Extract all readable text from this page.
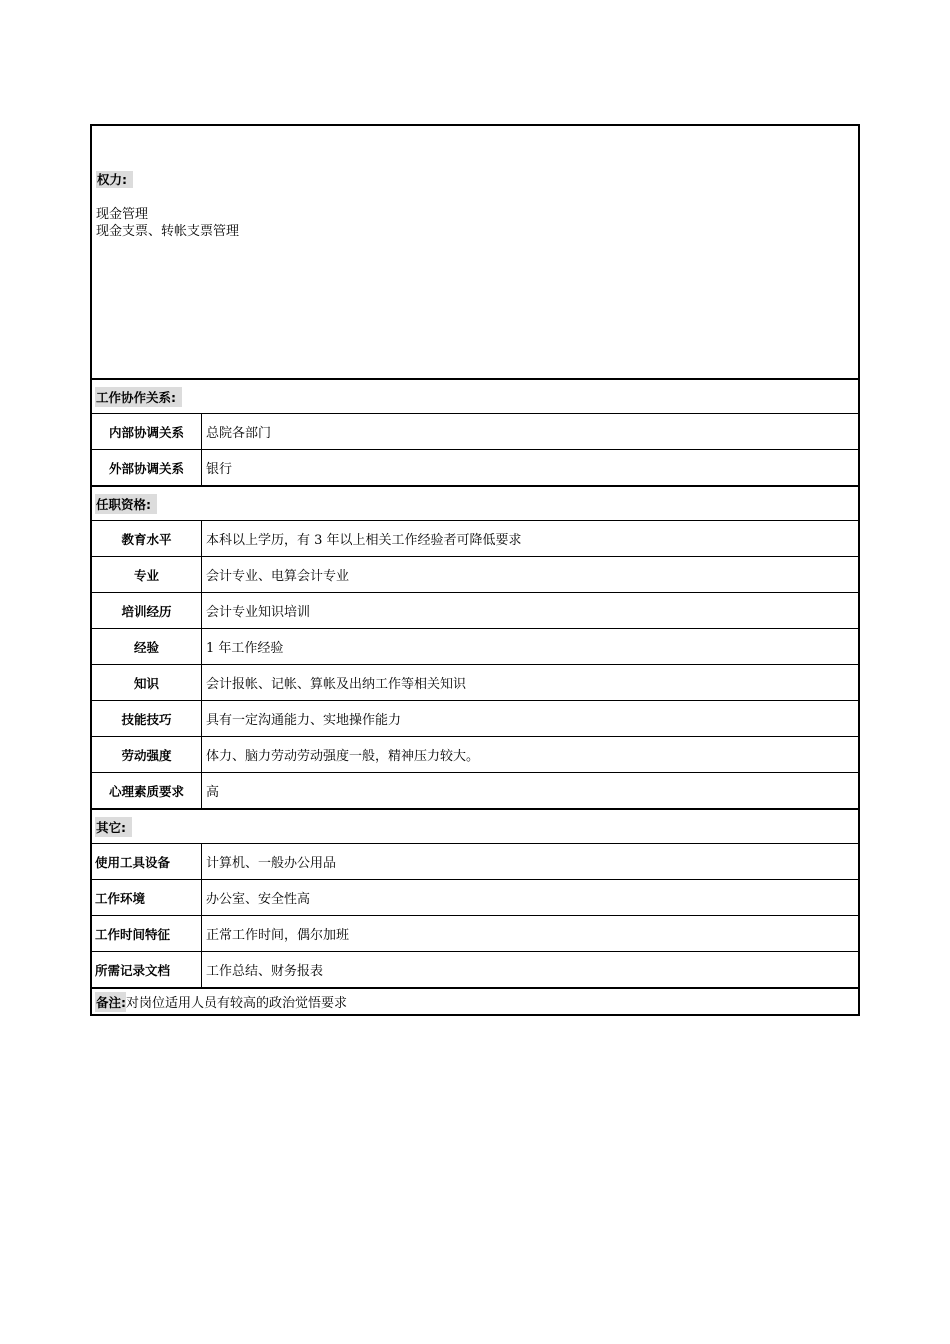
权力:
现金管理
现金支票、转帐支票管理
工作协作关系:
内部协调关系	总院各部门
外部协调关系	银行
任职资格:
教育水平	本科以上学历，有 3 年以上相关工作经验者可降低要求
专业	会计专业、电算会计专业
培训经历	会计专业知识培训
经验	1 年工作经验
知识	会计报帐、记帐、算帐及出纳工作等相关知识
技能技巧	具有一定沟通能力、实地操作能力
劳动强度	体力、脑力劳动劳动强度一般，精神压力较大。
心理素质要求	高
其它:
使用工具设备	计算机、一般办公用品
工作环境	办公室、安全性高
工作时间特征	正常工作时间，偶尔加班
所需记录文档	工作总结、财务报表
备注: 对岗位适用人员有较高的政治觉悟要求
